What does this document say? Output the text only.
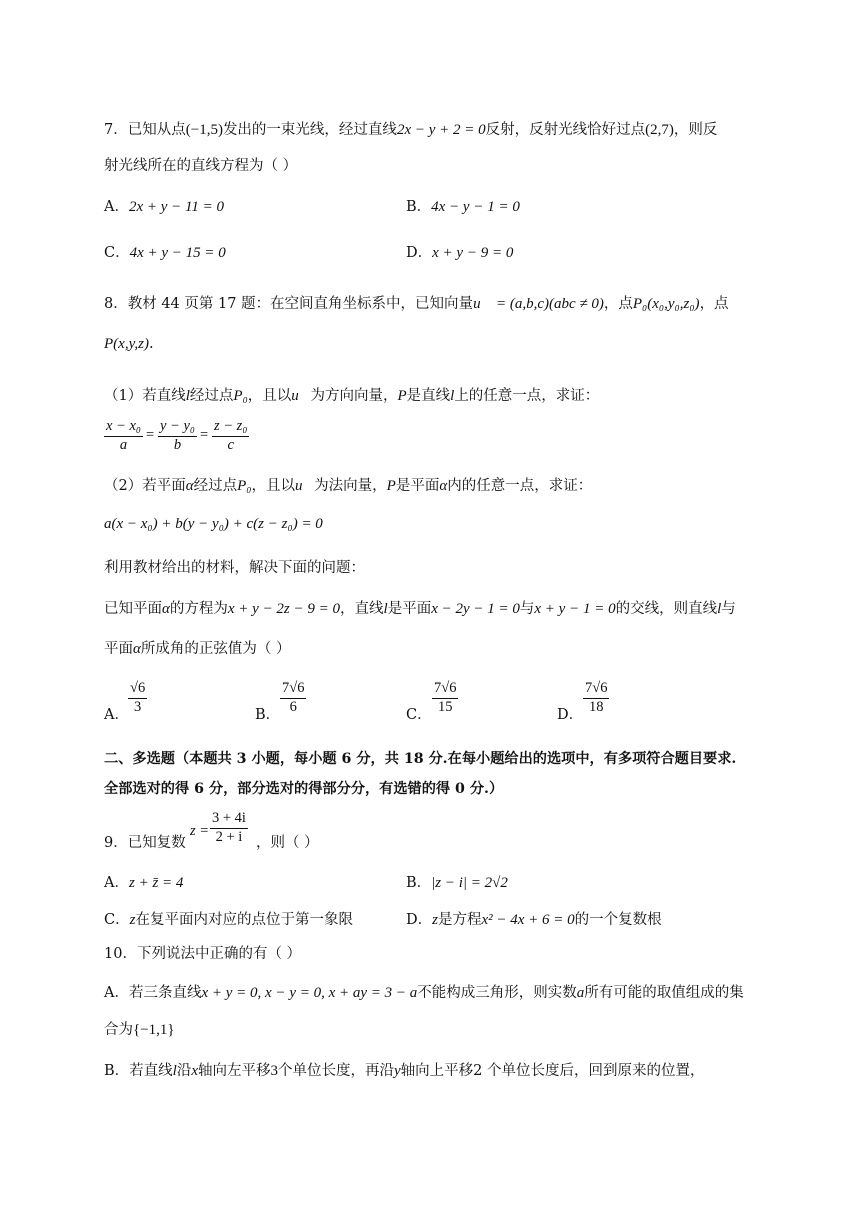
7．已知从点(−1,5)发出的一束光线，经过直线2x − y + 2 = 0反射，反射光线恰好过点(2,7)，则反
射光线所在的直线方程为（ ）
A．2x + y − 11 = 0	B．4x − y − 1 = 0
C．4x + y − 15 = 0	D．x + y − 9 = 0
8．教材 44 页第 17 题：在空间直角坐标系中，已知向量u⃗ = (a,b,c)(abc ≠ 0)，点P₀(x₀,y₀,z₀)，点
P(x,y,z).
（1）若直线l经过点P₀，且以u⃗为方向向量，P是直线l上的任意一点，求证：
$\frac{\text{x − x₀}}{a} = \frac{\text{y − y₀}}{b} = \frac{\text{z − z₀}}{c}$
（2）若平面α经过点P₀，且以u⃗为法向量，P是平面α内的任意一点，求证：
a(x − x₀) + b(y − y₀) + c(z − z₀) = 0
利用教材给出的材料，解决下面的问题：
已知平面α的方程为x + y − 2z − 9 = 0，直线l是平面x − 2y − 1 = 0与x + y − 1 = 0的交线，则直线l与
平面α所成角的正弦值为（ ）
A． $\frac{√6}{3}$	B． $\frac{7√6}{6}$	C． $\frac{7√6}{15}$	D． $\frac{7√6}{18}$
二、多选题（本题共 3 小题，每小题 6 分，共 18 分.在每小题给出的选项中，有多项符合题目要求.
全部选对的得 6 分，部分选对的得部分分，有选错的得 0 分.）
9．已知复数
$z = \frac{3 + 4i}{2 + i}$ ，则（ ）
A．z + z̄ = 4	B．|z − i| = 2√2
C．z在复平面内对应的点位于第一象限	D．z是方程x² − 4x + 6 = 0的一个复数根
10．下列说法中正确的有（ ）
A．若三条直线x + y = 0, x − y = 0, x + ay = 3 − a不能构成三角形，则实数a所有可能的取值组成的集
合为{−1,1}
B．若直线l沿x轴向左平移3个单位长度，再沿y轴向上平移2 个单位长度后，回到原来的位置，
